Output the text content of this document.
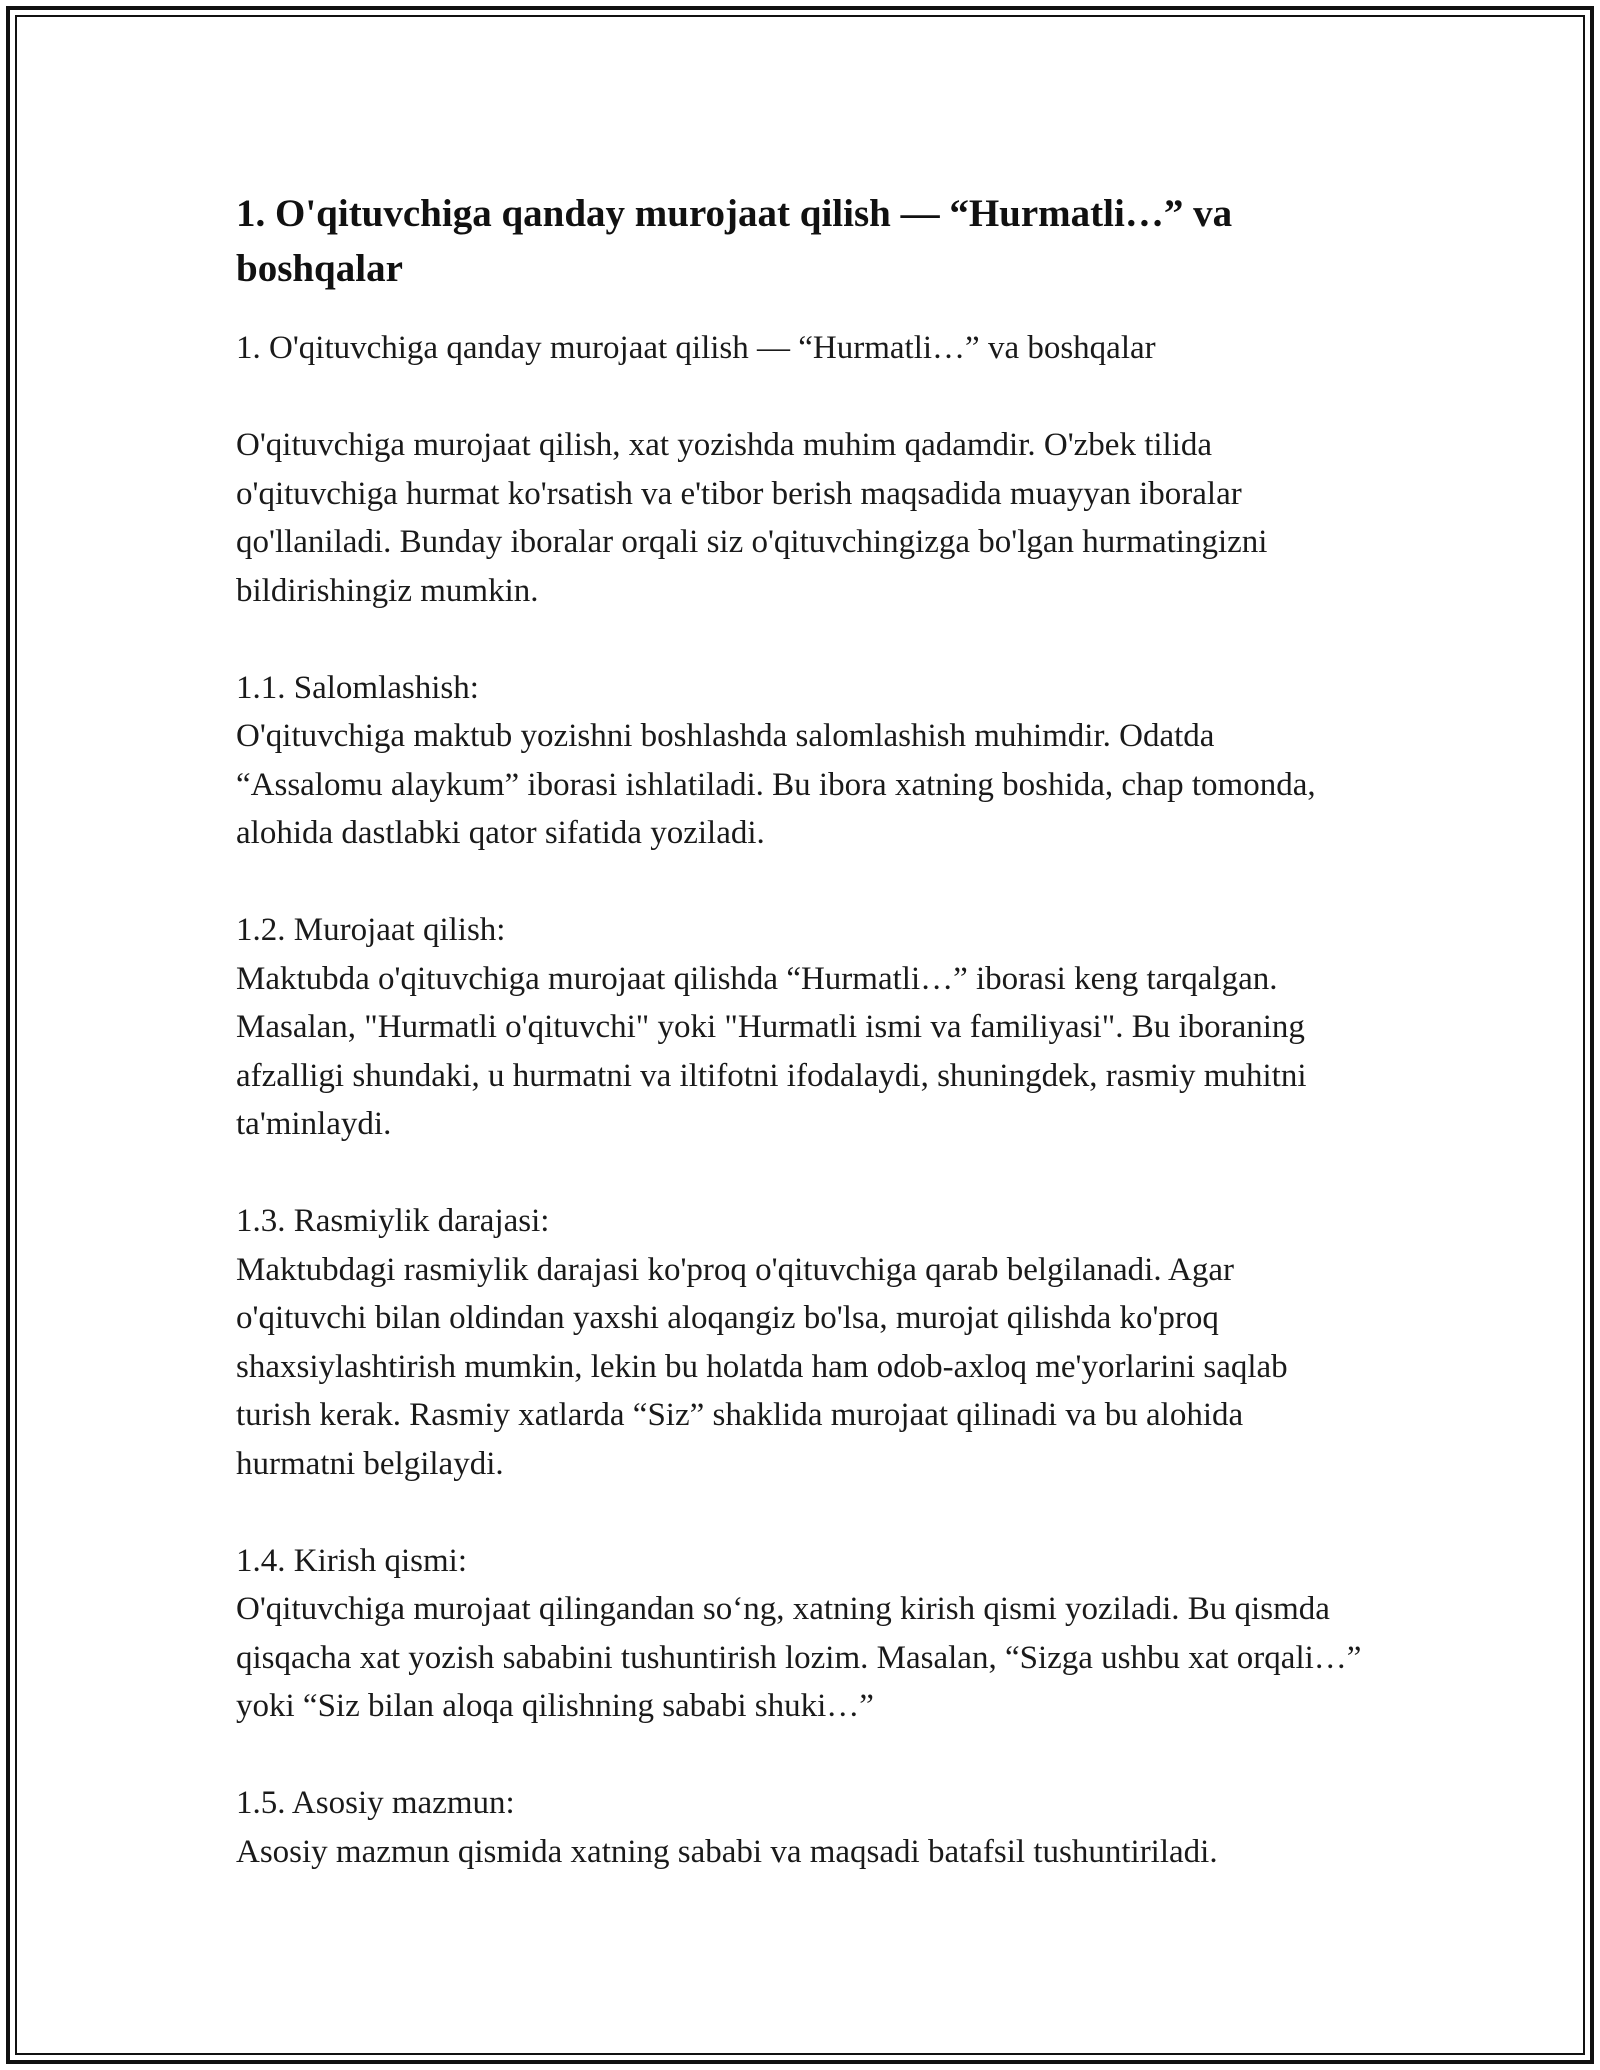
1. O'qituvchiga qanday murojaat qilish — “Hurmatli…” va boshqalar

1. O'qituvchiga qanday murojaat qilish — “Hurmatli…” va boshqalar

O'qituvchiga murojaat qilish, xat yozishda muhim qadamdir. O'zbek tilida o'qituvchiga hurmat ko'rsatish va e'tibor berish maqsadida muayyan iboralar qo'llaniladi. Bunday iboralar orqali siz o'qituvchingizga bo'lgan hurmatingizni bildirishingiz mumkin.

1.1. Salomlashish:

O'qituvchiga maktub yozishni boshlashda salomlashish muhimdir. Odatda “Assalomu alaykum” iborasi ishlatiladi. Bu ibora xatning boshida, chap tomonda, alohida dastlabki qator sifatida yoziladi.

1.2. Murojaat qilish:

Maktubda o'qituvchiga murojaat qilishda “Hurmatli…” iborasi keng tarqalgan. Masalan, "Hurmatli o'qituvchi" yoki "Hurmatli ismi va familiyasi". Bu iboraning afzalligi shundaki, u hurmatni va iltifotni ifodalaydi, shuningdek, rasmiy muhitni ta'minlaydi.

1.3. Rasmiylik darajasi:

Maktubdagi rasmiylik darajasi ko'proq o'qituvchiga qarab belgilanadi. Agar o'qituvchi bilan oldindan yaxshi aloqangiz bo'lsa, murojat qilishda ko'proq shaxsiylashtirish mumkin, lekin bu holatda ham odob-axloq me'yorlarini saqlab turish kerak. Rasmiy xatlarda “Siz” shaklida murojaat qilinadi va bu alohida hurmatni belgilaydi.

1.4. Kirish qismi:

O'qituvchiga murojaat qilingandan so‘ng, xatning kirish qismi yoziladi. Bu qismda qisqacha xat yozish sababini tushuntirish lozim. Masalan, “Sizga ushbu xat orqali…” yoki “Siz bilan aloqa qilishning sababi shuki…”

1.5. Asosiy mazmun:

Asosiy mazmun qismida xatning sababi va maqsadi batafsil tushuntiriladi.
